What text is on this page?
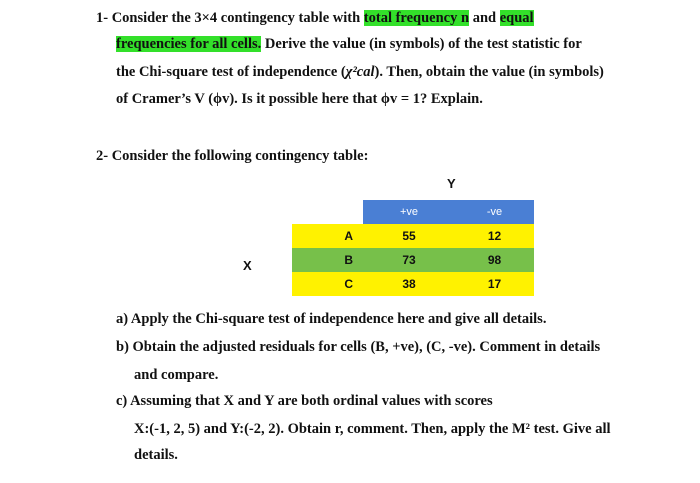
1- Consider the 3×4 contingency table with total frequency n and equal
frequencies for all cells. Derive the value (in symbols) of the test statistic for
the Chi-square test of independence (χ²cal). Then, obtain the value (in symbols)
of Cramer’s V (ϕv). Is it possible here that ϕv = 1? Explain.
2- Consider the following contingency table:
Y
X
	+ve	-ve
A	55	12
B	73	98
C	38	17
a) Apply the Chi-square test of independence here and give all details.
b) Obtain the adjusted residuals for cells (B, +ve), (C, -ve). Comment in details
and compare.
c) Assuming that X and Y are both ordinal values with scores
X:(-1, 2, 5) and Y:(-2, 2). Obtain r, comment. Then, apply the M² test. Give all
details.
